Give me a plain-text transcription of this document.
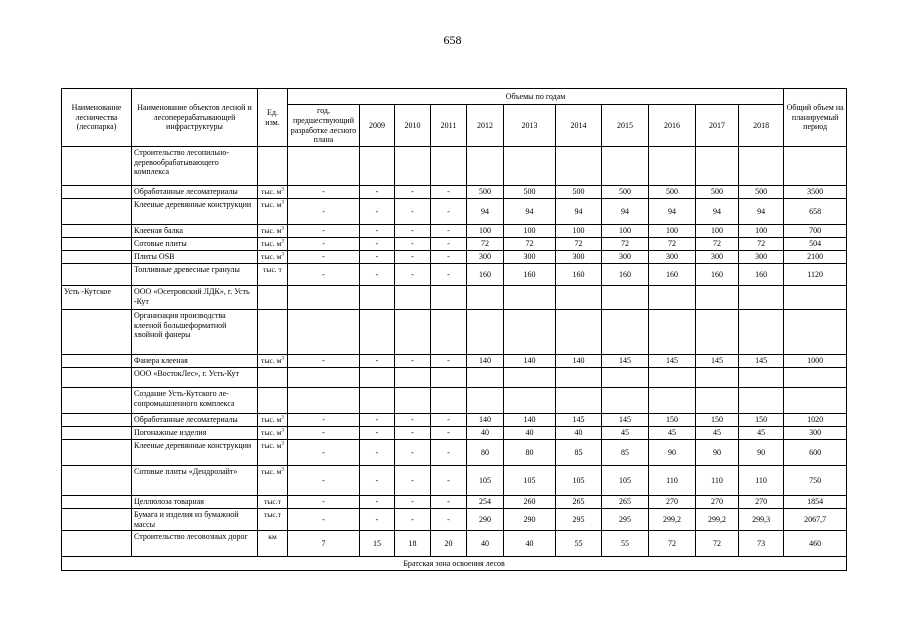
658
Наименование лесничества (лесопарка)	Наименование объектов лесной и лесоперерабатывающей инфраструктуры	Ед. изм.	Объемы по годам											Общий объем на планируемый период
			год, предшествующий разработке лесного плана	2009	2010	2011	2012	2013	2014	2015	2016	2017	2018	
	Строительство лесопильно-деревообрабатывающего комплекса													
	Обработанные лесоматериалы	тыс. $м^3$	-	-	-	-	500	500	500	500	500	500	500	3500
	Клееные деревянные конструкции	тыс. $м^3$	-	-	-	-	94	94	94	94	94	94	94	658
	Клееная балка	тыс. $м^3$	-	-	-	-	100	100	100	100	100	100	100	700
	Сотовые плиты	тыс. $м^3$	-	-	-	-	72	72	72	72	72	72	72	504
	Плиты OSB	тыс. $м^3$	-	-	-	-	300	300	300	300	300	300	300	2100
	Топливные древесные гранулы	тыс. т	-	-	-	-	160	160	160	160	160	160	160	1120
Усть -Кутское	ООО «Осетровский ЛДК», г. Усть -Кут													
	Организация производства клееной большеформатной хвойной фанеры													
	Фанера клееная	тыс. $м^3$	-	-	-	-	140	140	140	145	145	145	145	1000
	ООО «ВостокЛес», г. Усть-Кут													
	Создание Усть-Кутского ле-сопромышленного комплекса													
	Обработанные лесоматериалы	тыс. $м^3$	-	-	-	-	140	140	145	145	150	150	150	1020
	Погонажные изделия	тыс. $м^3$	-	-	-	-	40	40	40	45	45	45	45	300
	Клееные деревянные конструкции	тыс. $м^3$	-	-	-	-	80	80	85	85	90	90	90	600
	Сотовые плиты «Дендролайт»	тыс. $м^3$	-	-	-	-	105	105	105	105	110	110	110	750
	Целлюлоза товарная	тыс.т	-	-	-	-	254	260	265	265	270	270	270	1854
	Бумага и изделия из бумажной массы	тыс.т	-	-	-	-	290	290	295	295	299,2	299,2	299,3	2067,7
	Строительство лесовозных дорог	км	7	15	18	20	40	40	55	55	72	72	73	460
Братская зона освоения лесов														
